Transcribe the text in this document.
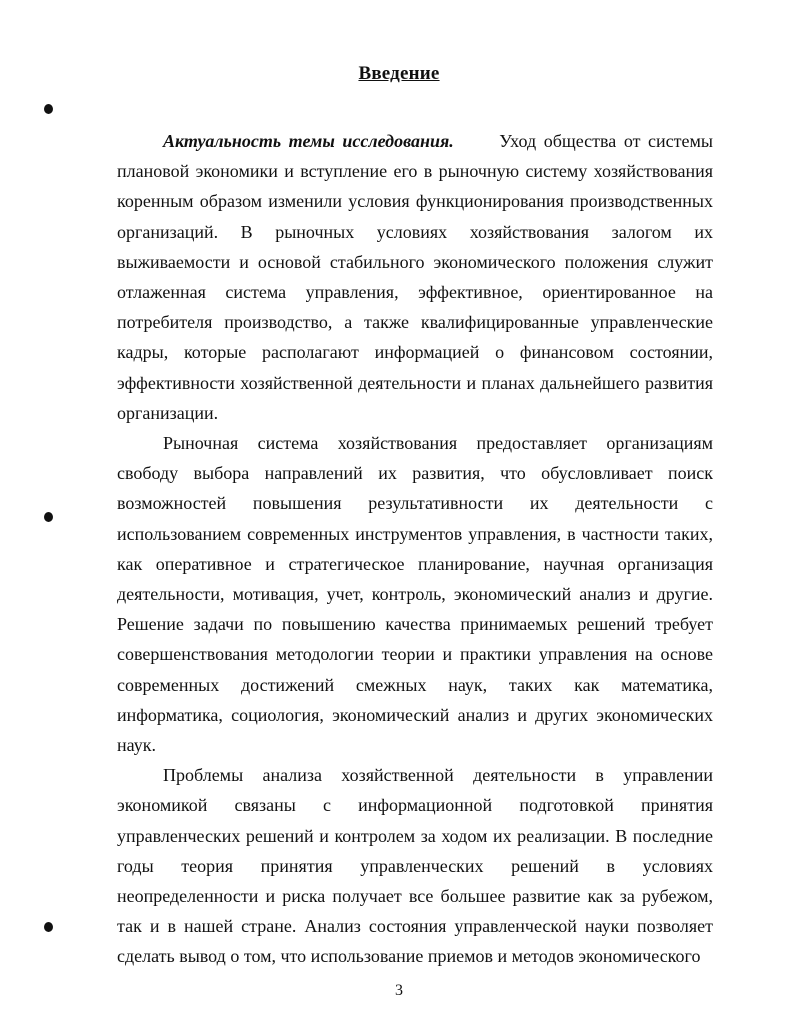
Введение

Актуальность темы исследования.	Уход общества от системы плановой экономики и вступление его в рыночную систему хозяйствования коренным образом изменили условия функционирования производственных организаций. В рыночных условиях хозяйствования залогом их выживаемости и основой стабильного экономического положения служит отлаженная система управления, эффективное, ориентированное на потребителя производство, а также квалифицированные управленческие кадры, которые располагают информацией о финансовом состоянии, эффективности хозяйственной деятельности и планах дальнейшего развития организации.

Рыночная система хозяйствования предоставляет организациям свободу выбора направлений их развития, что обусловливает поиск возможностей повышения результативности их деятельности с использованием современных инструментов управления, в частности таких, как оперативное и стратегическое планирование, научная организация деятельности, мотивация, учет, контроль, экономический анализ и другие. Решение задачи по повышению качества принимаемых решений требует совершенствования методологии теории и практики управления на основе современных достижений смежных наук, таких как математика, информатика, социология, экономический анализ и других экономических наук.

Проблемы анализа хозяйственной деятельности в управлении экономикой связаны с информационной подготовкой принятия управленческих решений и контролем за ходом их реализации. В последние годы теория принятия управленческих решений в условиях неопределенности и риска получает все большее развитие как за рубежом, так и в нашей стране. Анализ состояния управленческой науки позволяет сделать вывод о том, что использование приемов и методов экономического

3
